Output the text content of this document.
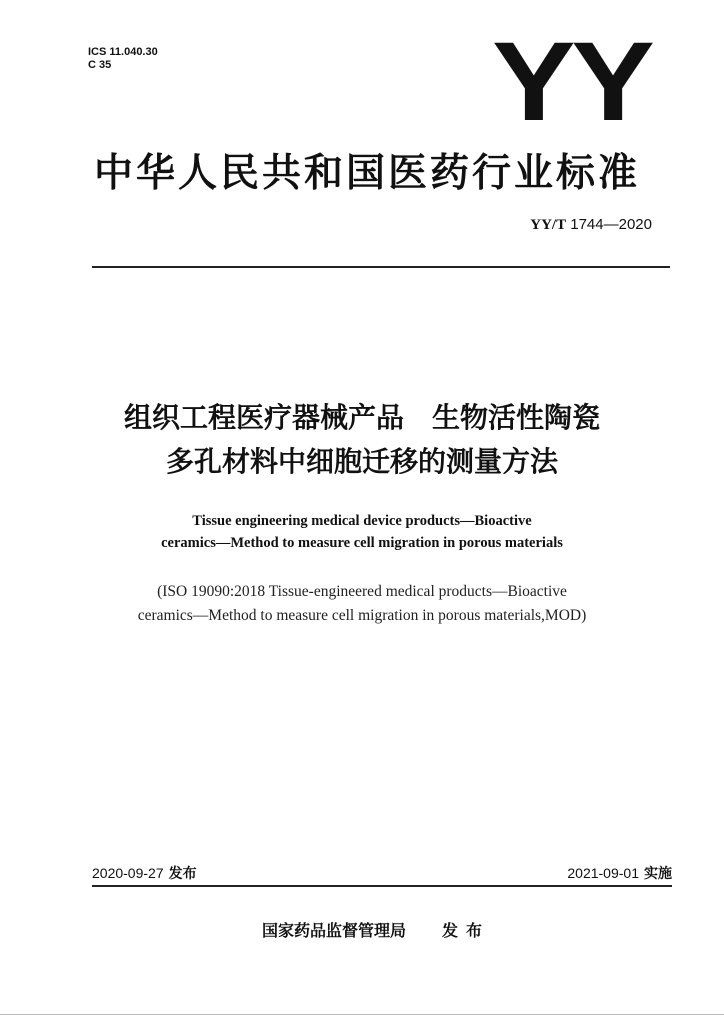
ICS 11.040.30
C 35	YY
中华人民共和国医药行业标准
YY/T 1744—2020
组织工程医疗器械产品　生物活性陶瓷
多孔材料中细胞迁移的测量方法
Tissue engineering medical device products—Bioactive
ceramics—Method to measure cell migration in porous materials
(ISO 19090:2018 Tissue-engineered medical products—Bioactive
ceramics—Method to measure cell migration in porous materials,MOD)
2020-09-27 发布	2021-09-01 实施
国家药品监督管理局 发布
